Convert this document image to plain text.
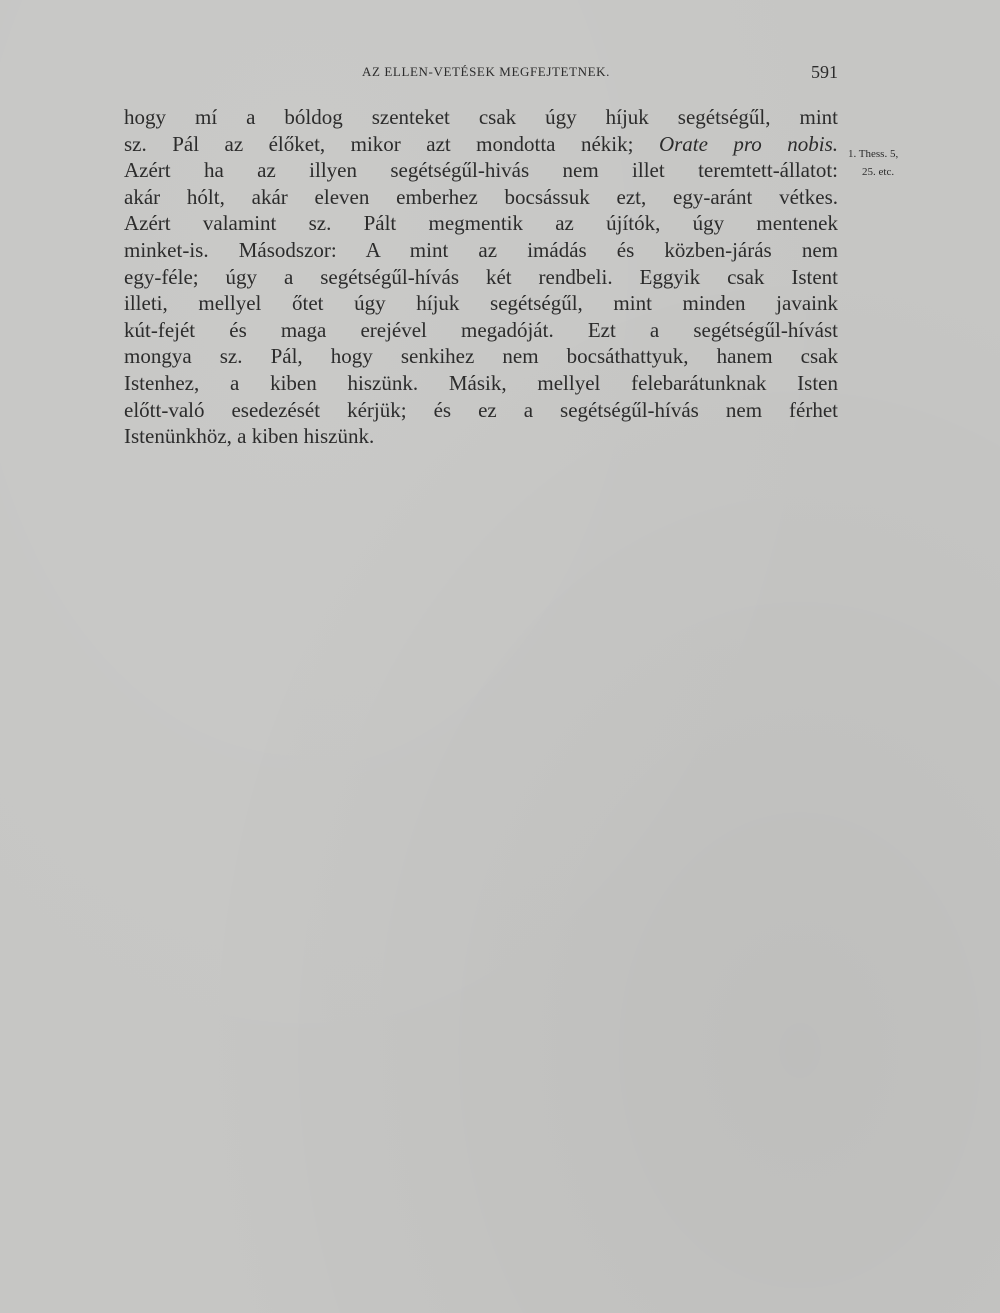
AZ ELLEN-VETÉSEK MEGFEJTETNEK.	591
hogy mí a bóldog szenteket csak úgy híjuk segétségűl, mint
sz. Pál az élőket, mikor azt mondotta nékik; Orate pro nobis.
Azért ha az illyen segétségűl-hivás nem illet teremtett-állatot:
akár hólt, akár eleven emberhez bocsássuk ezt, egy-aránt vétkes.
Azért valamint sz. Pált megmentik az újítók, úgy mentenek
minket-is. Másodszor: A mint az imádás és közben-járás nem
egy-féle; úgy a segétségűl-hívás két rendbeli. Eggyik csak Istent
illeti, mellyel őtet úgy híjuk segétségűl, mint minden javaink
kút-fejét és maga erejével megadóját. Ezt a segétségűl-hívást
mongya sz. Pál, hogy senkihez nem bocsáthattyuk, hanem csak
Istenhez, a kiben hiszünk. Másik, mellyel felebarátunknak Isten
előtt-való esedezését kérjük; és ez a segétségűl-hívás nem férhet
Istenünkhöz, a kiben hiszünk.
1. Thess. 5,
25. etc.
